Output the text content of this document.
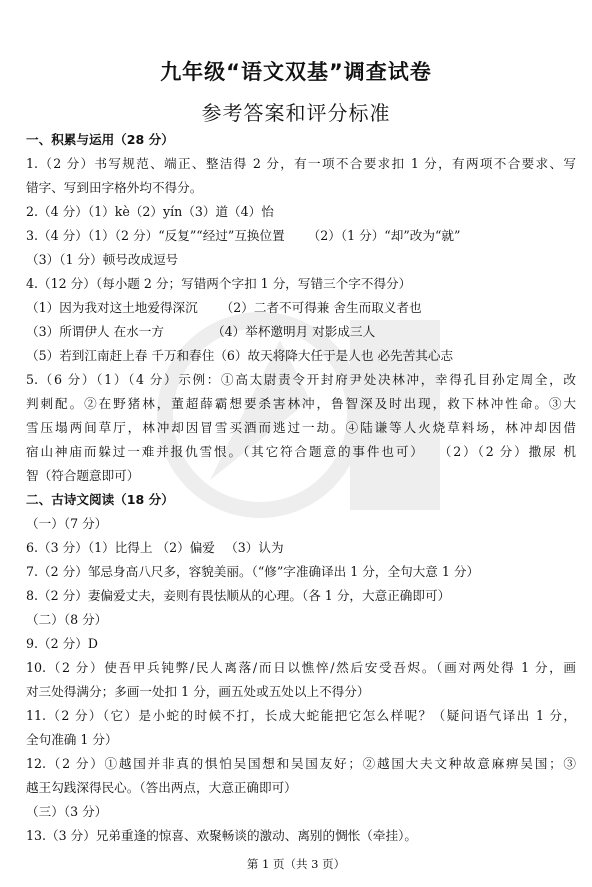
九年级“语文双基”调查试卷
参考答案和评分标准
一、积累与运用（28 分）
1.（2 分）书写规范、端正、整洁得 2 分，有一项不合要求扣 1 分，有两项不合要求、写
错字、写到田字格外均不得分。
2.（4 分）（1）kè（2）yín（3）道（4）怡
3.（4 分）（1）（2 分）“反复”“经过”互换位置 　　（2）（1 分）“却”改为“就”
（3）（1 分）顿号改成逗号
4.（12 分）（每小题 2 分；写错两个字扣 1 分，写错三个字不得分）
（1）因为我对这土地爱得深沉 　　（2）二者不可得兼 舍生而取义者也
（3）所谓伊人 在水一方 　　　　（4）举杯邀明月 对影成三人
（5）若到江南赶上春 千万和春住（6）故天将降大任于是人也 必先苦其心志
5.（6 分）（1）（4 分）示例：①高太尉责令开封府尹处决林冲，幸得孔目孙定周全，改
判刺配。②在野猪林，董超薛霸想要杀害林冲，鲁智深及时出现，救下林冲性命。③大
雪压塌两间草厅，林冲却因冒雪买酒而逃过一劫。④陆谦等人火烧草料场，林冲却因借
宿山神庙而躲过一难并报仇雪恨。（其它符合题意的事件也可） 　（2）（2 分）撒尿 机
智（符合题意即可）
二、古诗文阅读（18 分）
（一）（7 分）
6.（3 分）（1）比得上 （2）偏爱 　（3）认为
7.（2 分）邹忌身高八尺多，容貌美丽。（“修”字准确译出 1 分，全句大意 1 分）
8.（2 分）妻偏爱丈夫，妾则有畏怯顺从的心理。（各 1 分，大意正确即可）
（二）（8 分）
9.（2 分）D
10.（2 分）使吾甲兵钝弊/民人离落/而日以憔悴/然后安受吾烬。（画对两处得 1 分，画
对三处得满分；多画一处扣 1 分，画五处或五处以上不得分）
11.（2 分）（它）是小蛇的时候不打，长成大蛇能把它怎么样呢？（疑问语气译出 1 分，
全句准确 1 分）
12.（2 分）①越国并非真的惧怕吴国想和吴国友好；②越国大夫文种故意麻痹吴国；③
越王勾践深得民心。（答出两点，大意正确即可）
（三）（3 分）
13.（3 分）兄弟重逢的惊喜、欢聚畅谈的激动、离别的惆怅（牵挂）。
第 1 页（共 3 页）
